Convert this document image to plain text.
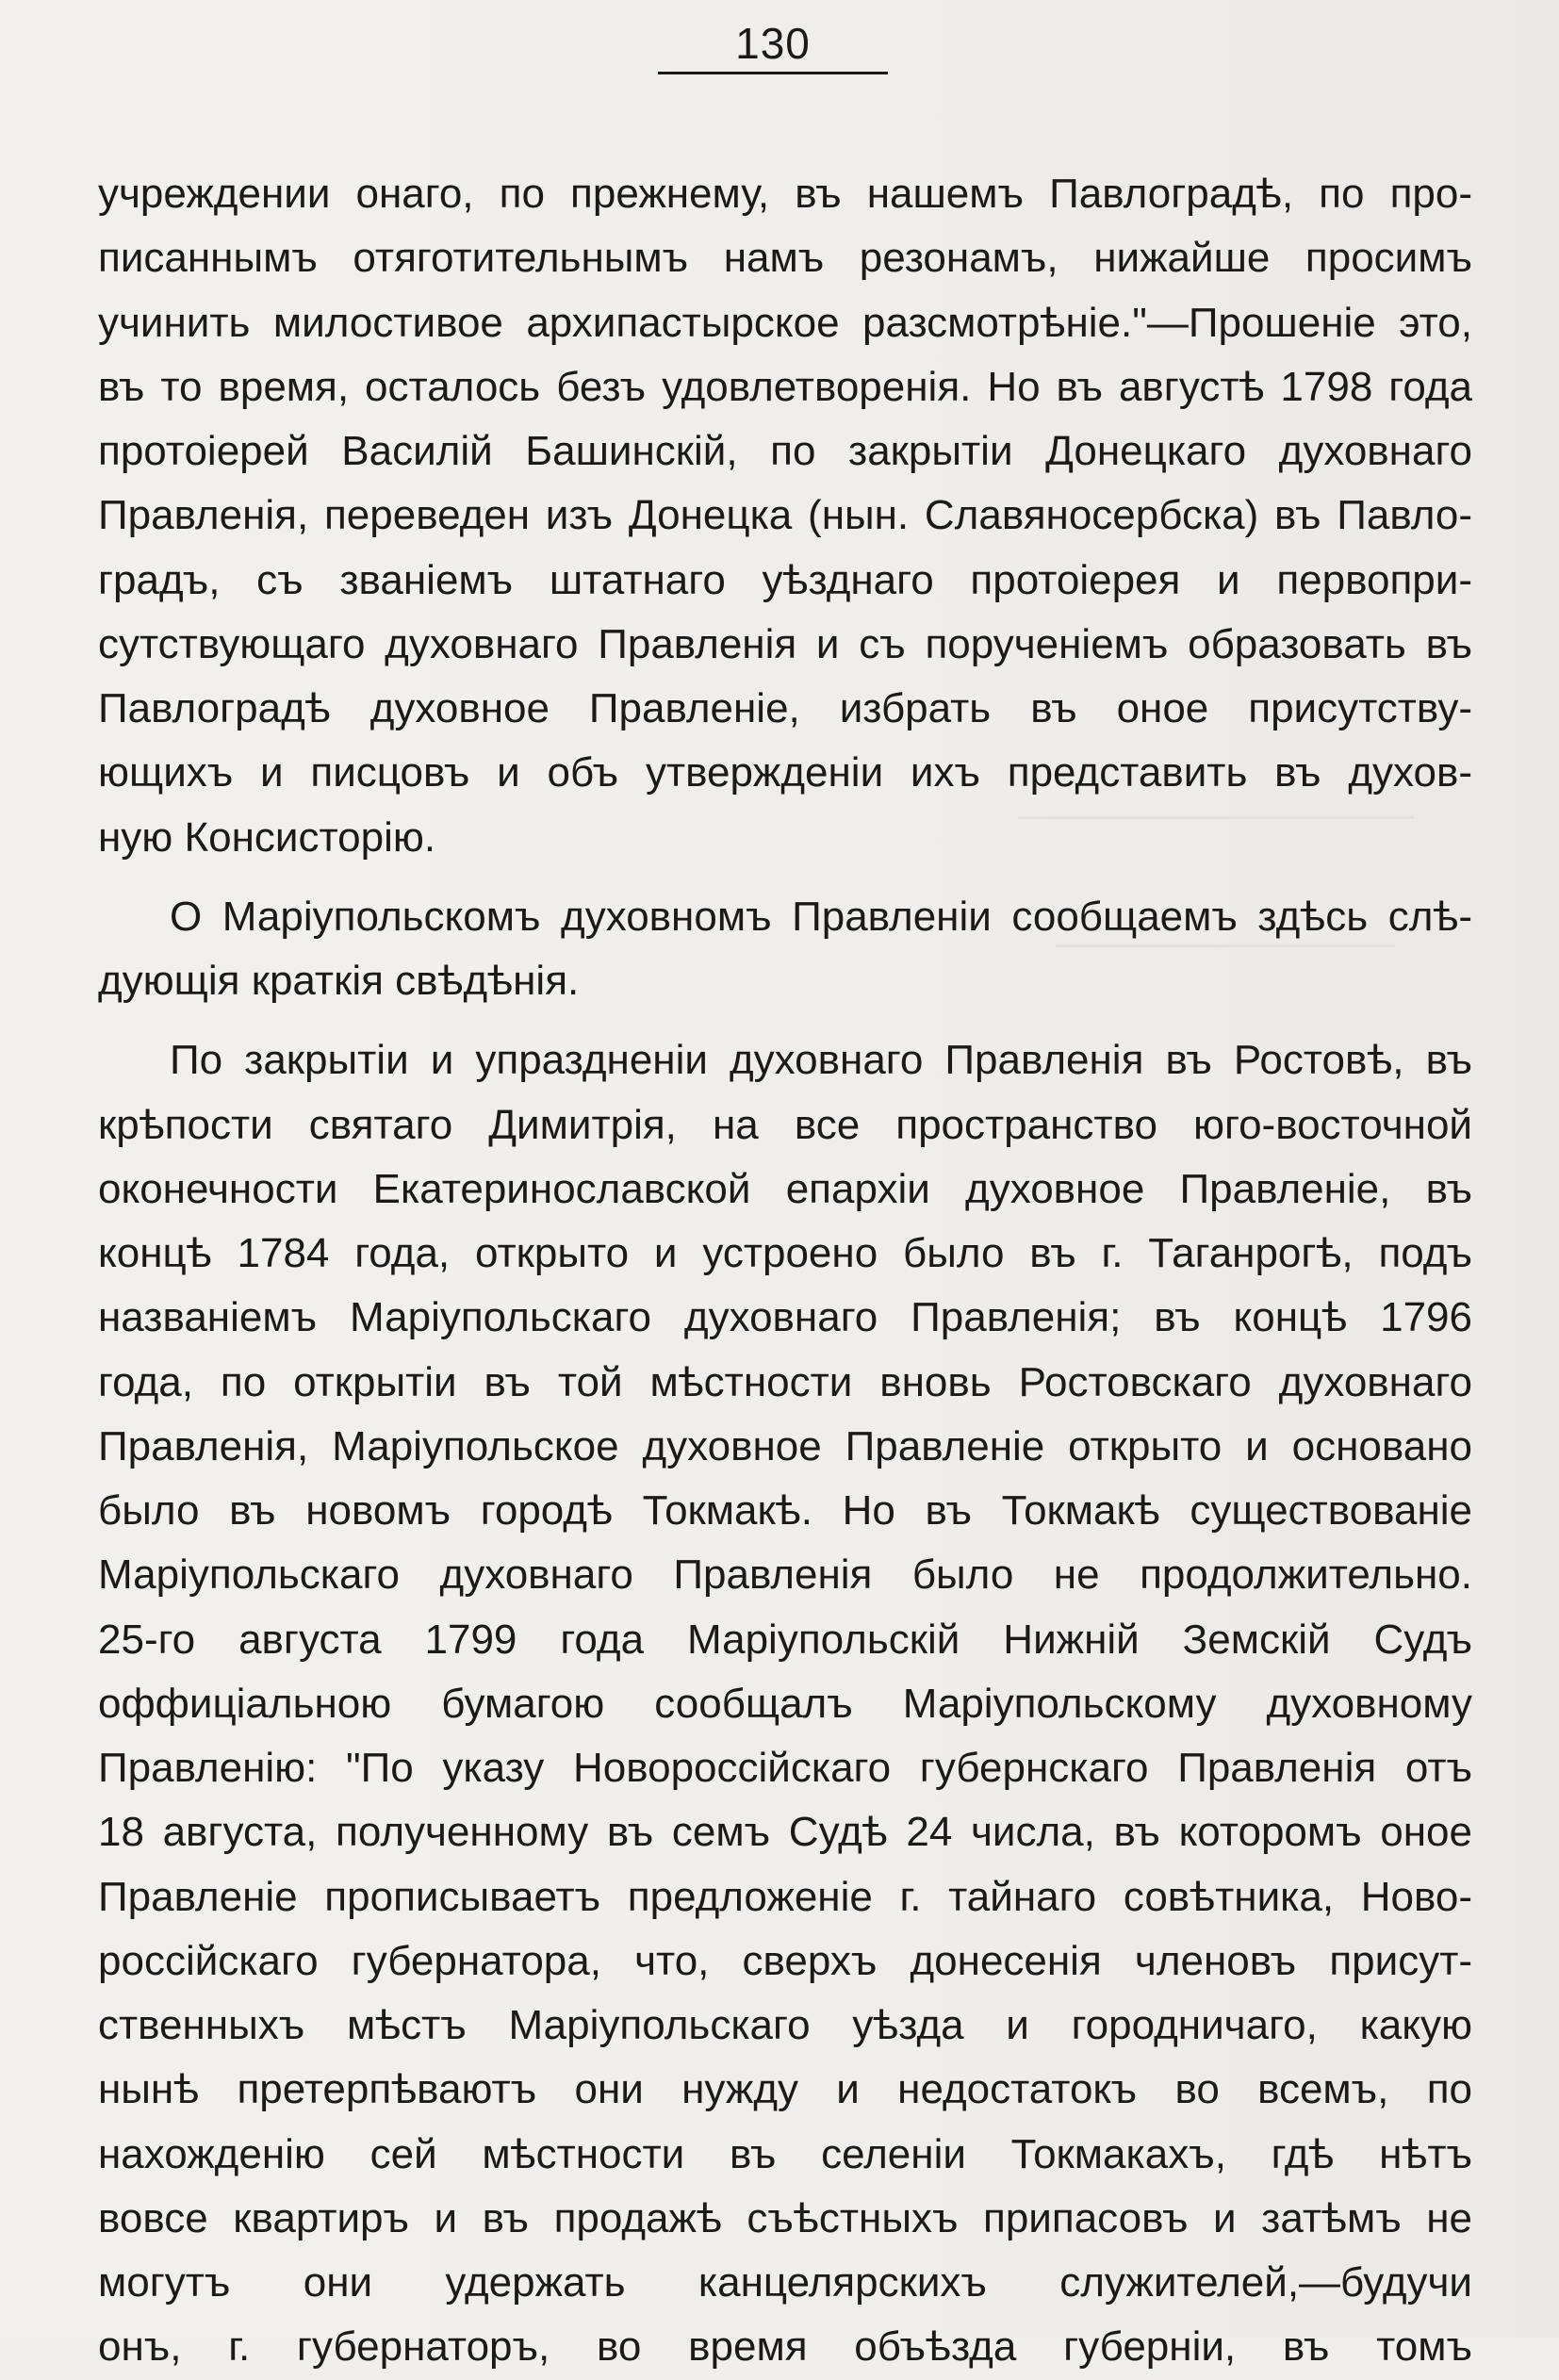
130
учреждении онаго, по прежнему, въ нашемъ Павлоградѣ, по про-
писаннымъ отяготительнымъ намъ резонамъ, нижайше просимъ
учинить милостивое архипастырское разсмотрѣніе."—Прошеніе это,
въ то время, осталось безъ удовлетворенія. Но въ августѣ 1798 года
протоіерей Василій Башинскій, по закрытіи Донецкаго духовнаго
Правленія, переведен изъ Донецка (нын. Славяносербска) въ Павло-
градъ, съ званіемъ штатнаго уѣзднаго протоіерея и первопри-
сутствующаго духовнаго Правленія и съ порученіемъ образовать въ
Павлоградѣ духовное Правленіе, избрать въ оное присутству-
ющихъ и писцовъ и объ утвержденіи ихъ представить въ духов-
ную Консисторію.
О Маріупольскомъ духовномъ Правленіи сообщаемъ здѣсь слѣ-
дующія краткія свѣдѣнія.
По закрытіи и упраздненіи духовнаго Правленія въ Ростовѣ, въ
крѣпости святаго Димитрія, на все пространство юго-восточной
оконечности Екатеринославской епархіи духовное Правленіе, въ
концѣ 1784 года, открыто и устроено было въ г. Таганрогѣ, подъ
названіемъ Маріупольскаго духовнаго Правленія; въ концѣ 1796
года, по открытіи въ той мѣстности вновь Ростовскаго духовнаго
Правленія, Маріупольское духовное Правленіе открыто и основано
было въ новомъ городѣ Токмакѣ. Но въ Токмакѣ существованіе
Маріупольскаго духовнаго Правленія было не продолжительно.
25-го августа 1799 года Маріупольскій Нижній Земскій Судъ
оффиціальною бумагою сообщалъ Маріупольскому духовному
Правленію: "По указу Новороссійскаго губернскаго Правленія отъ
18 августа, полученному въ семъ Судѣ 24 числа, въ которомъ оное
Правленіе прописываетъ предложеніе г. тайнаго совѣтника, Ново-
россійскаго губернатора, что, сверхъ донесенія членовъ присут-
ственныхъ мѣстъ Маріупольскаго уѣзда и городничаго, какую
нынѣ претерпѣваютъ они нужду и недостатокъ во всемъ, по
нахожденію сей мѣстности въ селеніи Токмакахъ, гдѣ нѣтъ
вовсе квартиръ и въ продажѣ съѣстныхъ припасовъ и затѣмъ не
могутъ они удержать канцелярскихъ служителей,—будучи
онъ, г. губернаторъ, во время объѣзда губерніи, въ томъ
